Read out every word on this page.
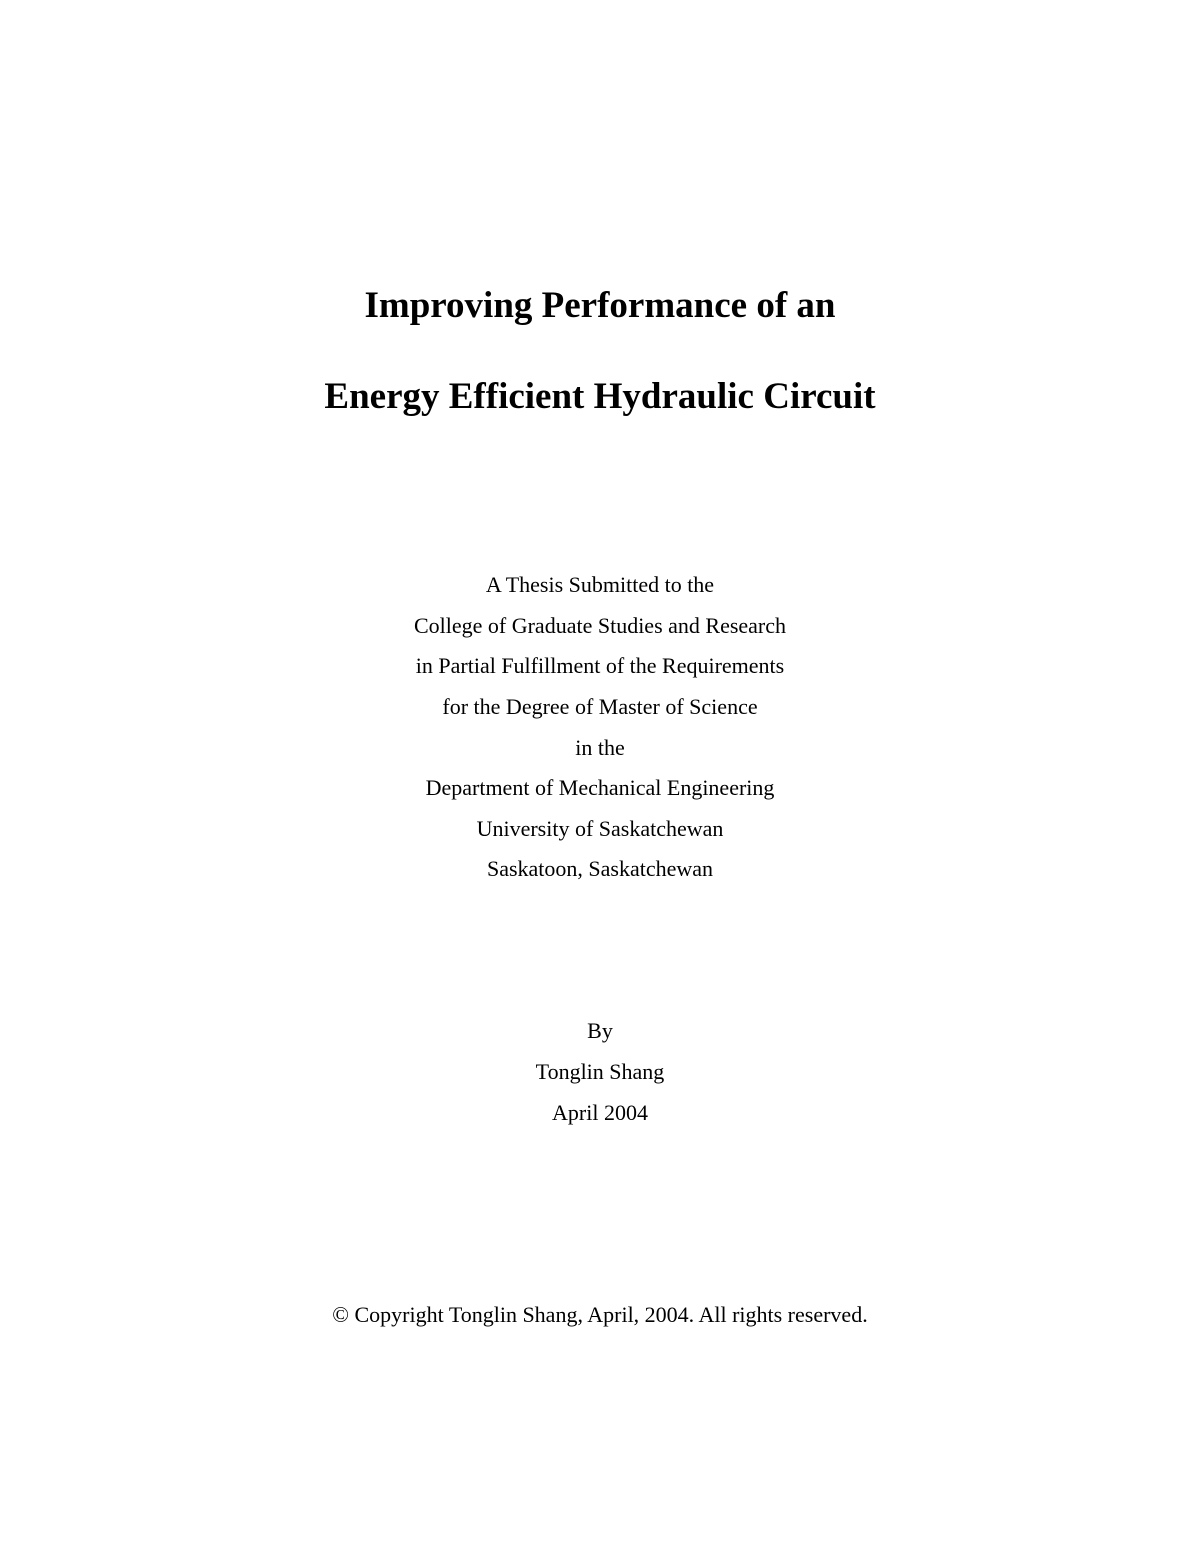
Improving Performance of an
Energy Efficient Hydraulic Circuit
A Thesis Submitted to the
College of Graduate Studies and Research
in Partial Fulfillment of the Requirements
for the Degree of Master of Science
in the
Department of Mechanical Engineering
University of Saskatchewan
Saskatoon, Saskatchewan
By
Tonglin Shang
April 2004
© Copyright Tonglin Shang, April, 2004. All rights reserved.
